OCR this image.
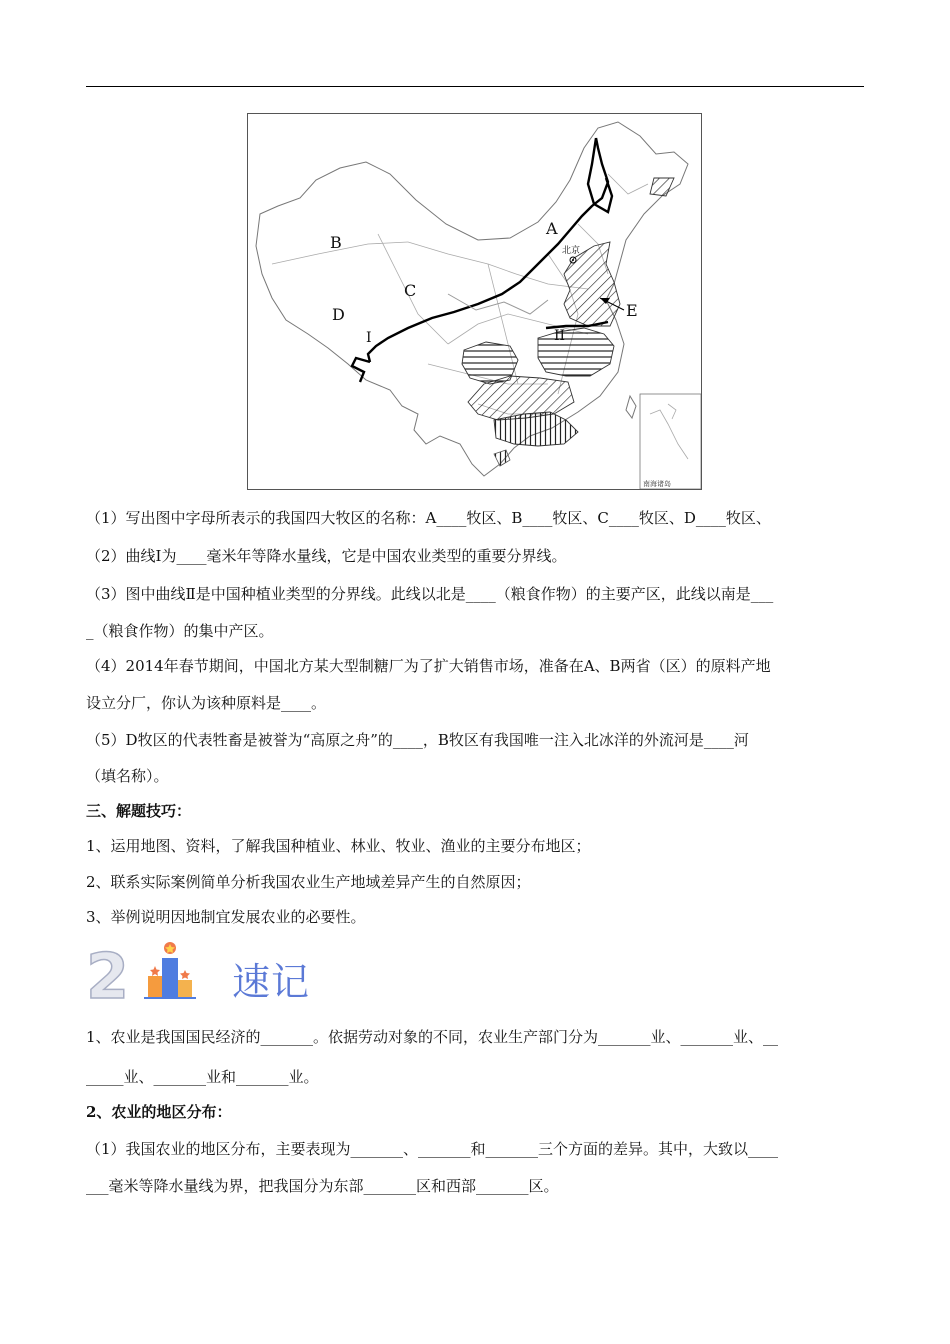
南海诸岛
A
B
C
D	E
I	II
北京
（1）写出图中字母所表示的我国四大牧区的名称：A____牧区、B____牧区、C____牧区、D____牧区、
（2）曲线Ⅰ为____毫米年等降水量线，它是中国农业类型的重要分界线。
（3）图中曲线Ⅱ是中国种植业类型的分界线。此线以北是____（粮食作物）的主要产区，此线以南是___
_（粮食作物）的集中产区。
（4）2014年春节期间，中国北方某大型制糖厂为了扩大销售市场，准备在A、B两省（区）的原料产地
设立分厂，你认为该种原料是____。
（5）D牧区的代表牲畜是被誉为“高原之舟”的____，B牧区有我国唯一注入北冰洋的外流河是____河
（填名称）。
三、解题技巧：
1、运用地图、资料，了解我国种植业、林业、牧业、渔业的主要分布地区；
2、联系实际案例简单分析我国农业生产地域差异产生的自然原因；
3、举例说明因地制宜发展农业的必要性。
2	速记
1、农业是我国国民经济的_______。依据劳动对象的不同，农业生产部门分为_______业、_______业、__
_____业、_______业和_______业。
2、农业的地区分布：
（1）我国农业的地区分布，主要表现为_______、_______和_______三个方面的差异。其中，大致以____
___毫米等降水量线为界，把我国分为东部_______区和西部_______区。
